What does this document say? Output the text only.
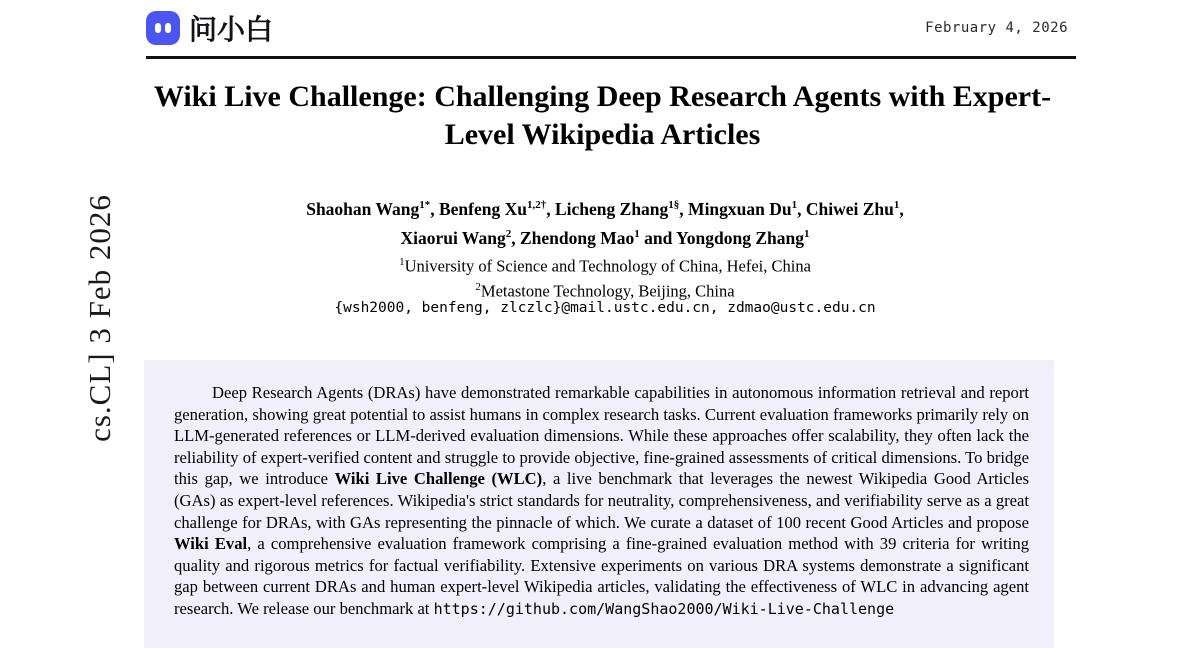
cs.CL] 3 Feb 2026
问小白	February 4, 2026
Wiki Live Challenge: Challenging Deep Research Agents with Expert-Level Wikipedia Articles
Shaohan Wang$^{1*}$, Benfeng $Xu^{1,2\dagger}$, Licheng Zhang$^{1\S}$, Mingxuan Du$^1$, Chiwei Zhu$^1$,
Xiaorui Wang$^2$, Zhendong Mao$^1$ and Yongdong Zhang$^1$
$^1$University of Science and Technology of China, Hefei, China
$^2$Metastone Technology, Beijing, China
{wsh2000, benfeng, zlczlc}@mail.ustc.edu.cn, zdmao@ustc.edu.cn
Deep Research Agents (DRAs) have demonstrated remarkable capabilities in autonomous information retrieval and report generation, showing great potential to assist humans in complex research tasks. Current evaluation frameworks primarily rely on LLM-generated references or LLM-derived evaluation dimensions. While these approaches offer scalability, they often lack the reliability of expert-verified content and struggle to provide objective, fine-grained assessments of critical dimensions. To bridge this gap, we introduce Wiki Live Challenge (WLC), a live benchmark that leverages the newest Wikipedia Good Articles (GAs) as expert-level references. Wikipedia's strict standards for neutrality, comprehensiveness, and verifiability serve as a great challenge for DRAs, with GAs representing the pinnacle of which. We curate a dataset of 100 recent Good Articles and propose Wiki Eval, a comprehensive evaluation framework comprising a fine-grained evaluation method with 39 criteria for writing quality and rigorous metrics for factual verifiability. Extensive experiments on various DRA systems demonstrate a significant gap between current DRAs and human expert-level Wikipedia articles, validating the effectiveness of WLC in advancing agent research. We release our benchmark at https://github.com/WangShao2000/Wiki-Live-Challenge
